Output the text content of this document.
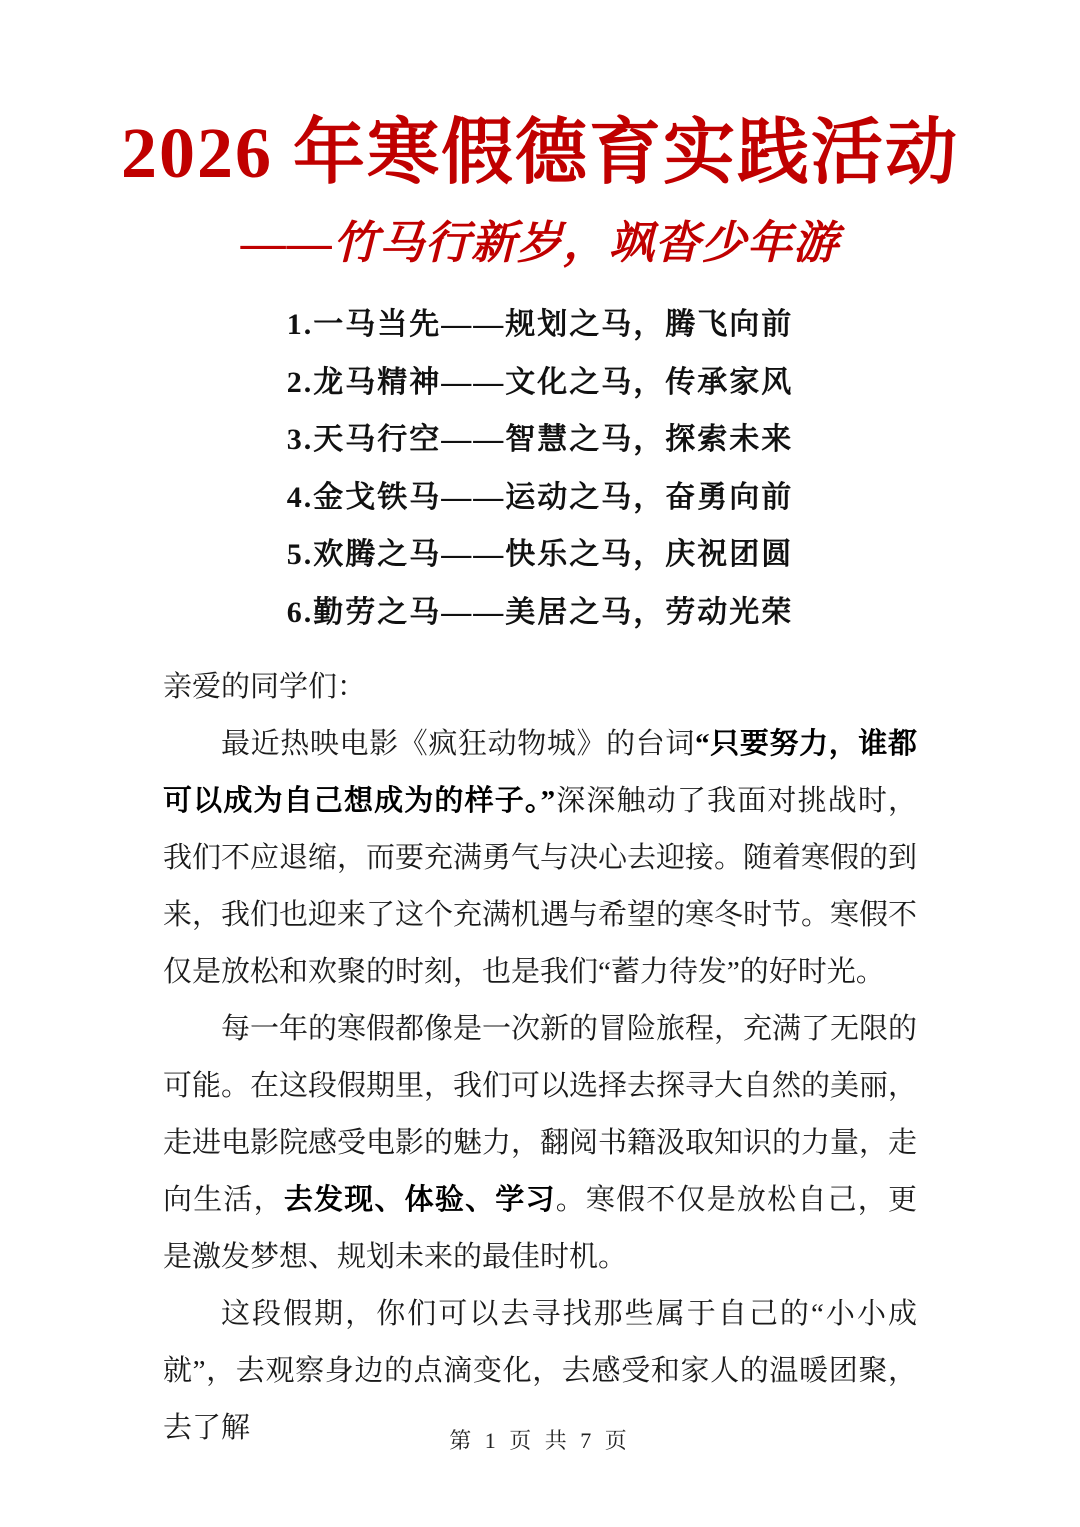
2026 年寒假德育实践活动
——竹马行新岁，飒沓少年游
1.一马当先——规划之马，腾飞向前
2.龙马精神——文化之马，传承家风
3.天马行空——智慧之马，探索未来
4.金戈铁马——运动之马，奋勇向前
5.欢腾之马——快乐之马，庆祝团圆
6.勤劳之马——美居之马，劳动光荣

亲爱的同学们：

最近热映电影《疯狂动物城》的台词“只要努力，谁都可以成为自己想成为的样子。”深深触动了我面对挑战时，我们不应退缩，而要充满勇气与决心去迎接。随着寒假的到来，我们也迎来了这个充满机遇与希望的寒冬时节。寒假不仅是放松和欢聚的时刻，也是我们“蓄力待发”的好时光。

每一年的寒假都像是一次新的冒险旅程，充满了无限的可能。在这段假期里，我们可以选择去探寻大自然的美丽，走进电影院感受电影的魅力，翻阅书籍汲取知识的力量，走向生活，去发现、体验、学习。寒假不仅是放松自己，更是激发梦想、规划未来的最佳时机。

这段假期，你们可以去寻找那些属于自己的“小小成就”，去观察身边的点滴变化，去感受和家人的温暖团聚，去了解	第 1 页 共 7 页
